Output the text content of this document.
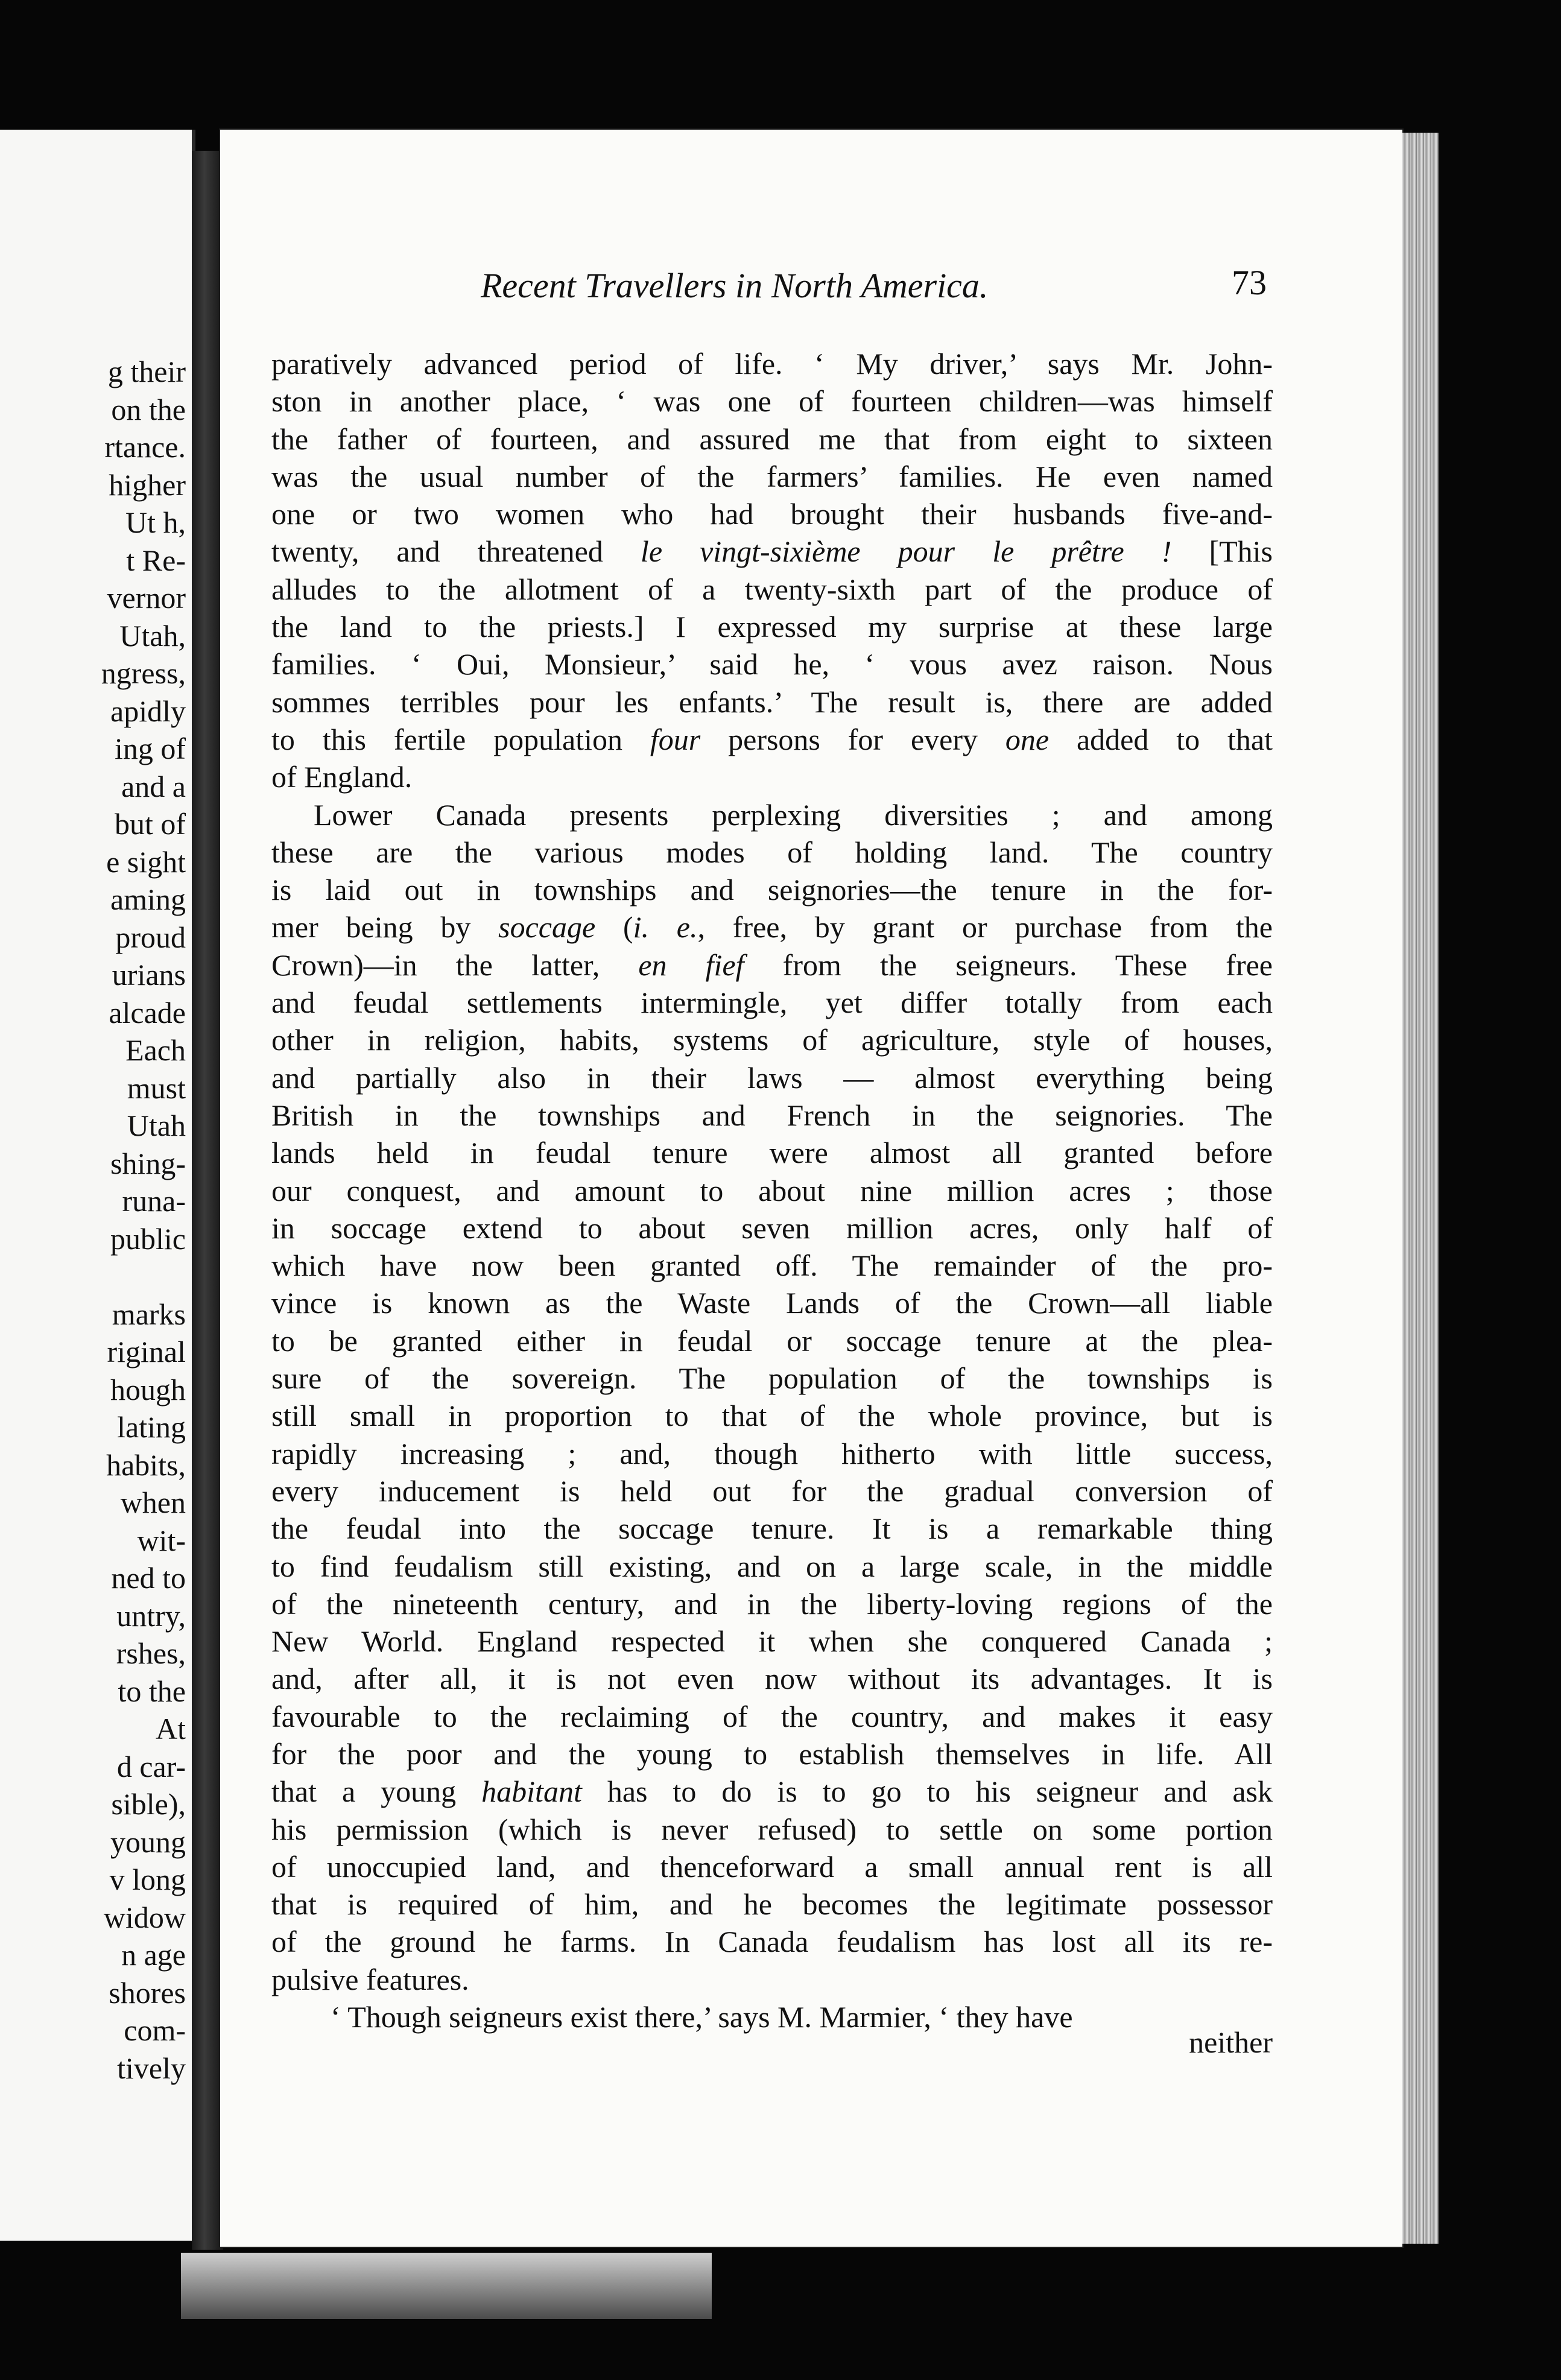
g their
on the
rtance.
higher
Ut h,
t Re-
vernor
Utah,
ngress,
apidly
ing of
and a
but of
e sight
aming
proud
urians
alcade
Each
must
Utah
shing-
runa-
public
marks
riginal
hough
lating
habits,
when
wit-
ned to
untry,
rshes,
to the
At
d car-
sible),
young
v long
widow
n age
shores
com-
tively
Recent Travellers in North America.	73
paratively advanced period of life. ‘ My driver,’ says Mr. John-
ston in another place, ‘ was one of fourteen children—was himself
the father of fourteen, and assured me that from eight to sixteen
was the usual number of the farmers’ families. He even named
one or two women who had brought their husbands five-and-
twenty, and threatened le vingt-sixième pour le prêtre ! [This
alludes to the allotment of a twenty-sixth part of the produce of
the land to the priests.] I expressed my surprise at these large
families. ‘ Oui, Monsieur,’ said he, ‘ vous avez raison. Nous
sommes terribles pour les enfants.’ The result is, there are added
to this fertile population four persons for every one added to that
of England.
Lower Canada presents perplexing diversities ; and among
these are the various modes of holding land. The country
is laid out in townships and seignories—the tenure in the for-
mer being by soccage (i. e., free, by grant or purchase from the
Crown)—in the latter, en fief from the seigneurs. These free
and feudal settlements intermingle, yet differ totally from each
other in religion, habits, systems of agriculture, style of houses,
and partially also in their laws — almost everything being
British in the townships and French in the seignories. The
lands held in feudal tenure were almost all granted before
our conquest, and amount to about nine million acres ; those
in soccage extend to about seven million acres, only half of
which have now been granted off. The remainder of the pro-
vince is known as the Waste Lands of the Crown—all liable
to be granted either in feudal or soccage tenure at the plea-
sure of the sovereign. The population of the townships is
still small in proportion to that of the whole province, but is
rapidly increasing ; and, though hitherto with little success,
every inducement is held out for the gradual conversion of
the feudal into the soccage tenure. It is a remarkable thing
to find feudalism still existing, and on a large scale, in the middle
of the nineteenth century, and in the liberty-loving regions of the
New World. England respected it when she conquered Canada ;
and, after all, it is not even now without its advantages. It is
favourable to the reclaiming of the country, and makes it easy
for the poor and the young to establish themselves in life. All
that a young habitant has to do is to go to his seigneur and ask
his permission (which is never refused) to settle on some portion
of unoccupied land, and thenceforward a small annual rent is all
that is required of him, and he becomes the legitimate possessor
of the ground he farms. In Canada feudalism has lost all its re-
pulsive features.
‘ Though seigneurs exist there,’ says M. Marmier, ‘ they have
neither
